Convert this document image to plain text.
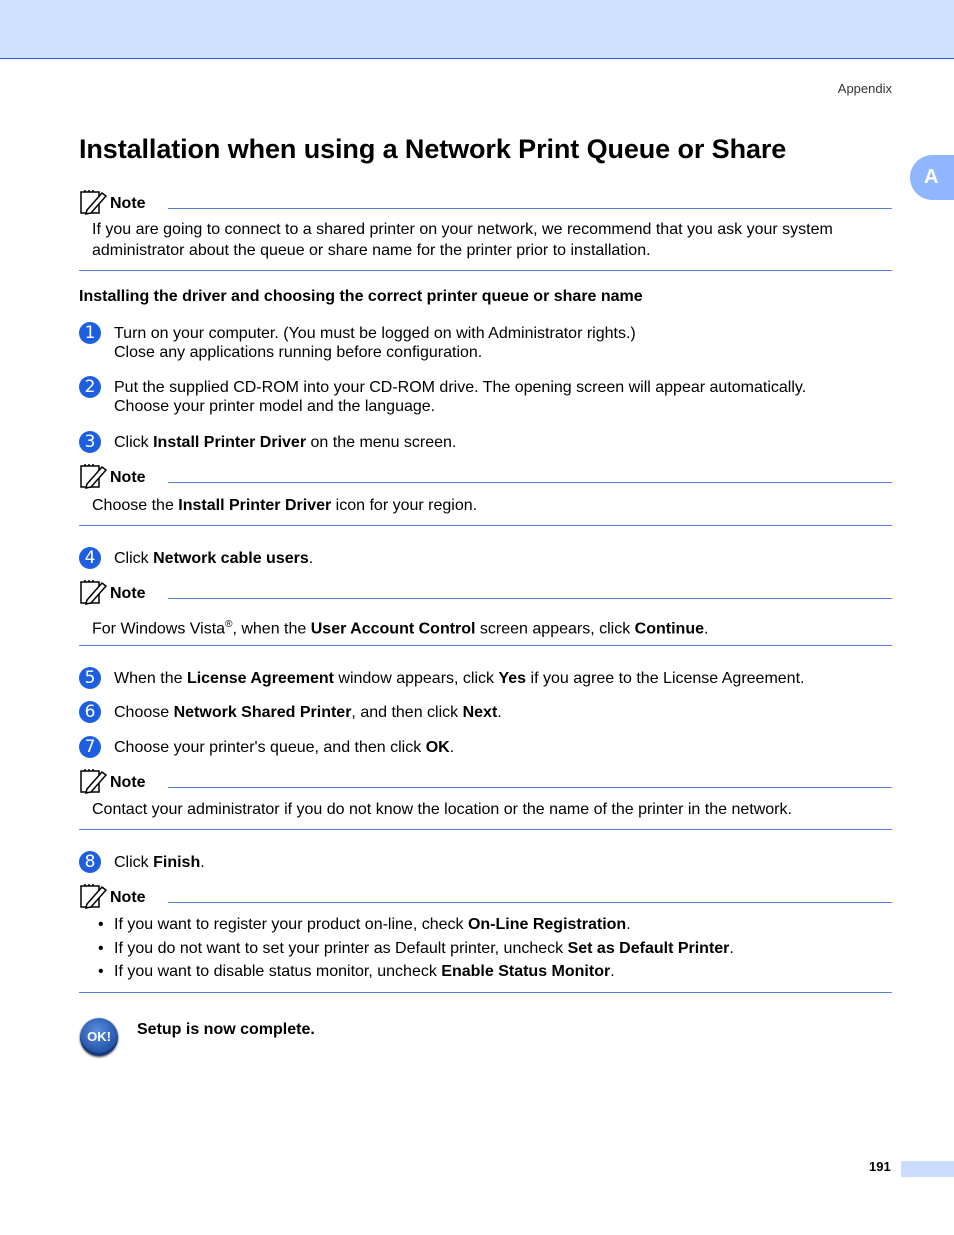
Appendix
A
Installation when using a Network Print Queue or Share
Note
If you are going to connect to a shared printer on your network, we recommend that you ask your system administrator about the queue or share name for the printer prior to installation.
Installing the driver and choosing the correct printer queue or share name
1	Turn on your computer. (You must be logged on with Administrator rights.)
Close any applications running before configuration.
2	Put the supplied CD-ROM into your CD-ROM drive. The opening screen will appear automatically.
Choose your printer model and the language.
3	Click Install Printer Driver on the menu screen.
Note
Choose the Install Printer Driver icon for your region.
4	Click Network cable users.
Note
For Windows Vista®, when the User Account Control screen appears, click Continue.
5	When the License Agreement window appears, click Yes if you agree to the License Agreement.
6	Choose Network Shared Printer, and then click Next.
7	Choose your printer's queue, and then click OK.
Note
Contact your administrator if you do not know the location or the name of the printer in the network.
8	Click Finish.
Note
• If you want to register your product on-line, check On-Line Registration.
• If you do not want to set your printer as Default printer, uncheck Set as Default Printer.
• If you want to disable status monitor, uncheck Enable Status Monitor.
OK!	Setup is now complete.
191
